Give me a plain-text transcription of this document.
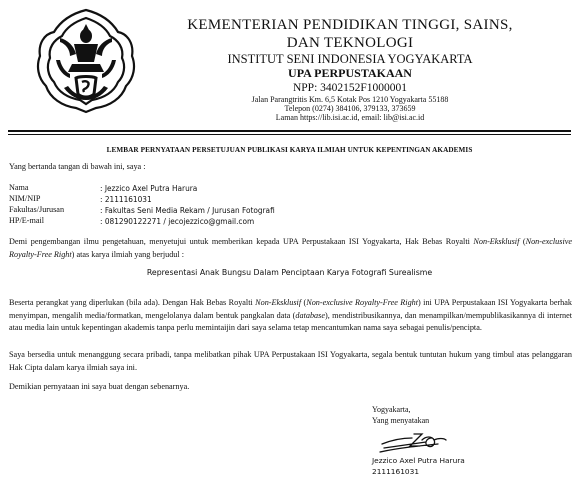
KEMENTERIAN PENDIDIKAN TINGGI, SAINS,
DAN TEKNOLOGI
INSTITUT SENI INDONESIA YOGYAKARTA
UPA PERPUSTAKAAN
NPP: 3402152F1000001
Jalan Parangtritis Km. 6,5 Kotak Pos 1210 Yogyakarta 55188
Telepon (0274) 384106, 379133, 373659
Laman https://lib.isi.ac.id, email: lib@isi.ac.id
LEMBAR PERNYATAAN PERSETUJUAN PUBLIKASI KARYA ILMIAH UNTUK KEPENTINGAN AKADEMIS
Yang bertanda tangan di bawah ini, saya :
Nama	: Jezzico Axel Putra Harura
NIM/NIP	: 2111161031
Fakultas/Jurusan	: Fakultas Seni Media Rekam / Jurusan Fotografi
HP/E-mail	: 081290122271 / jecojezzico@gmail.com
Demi pengembangan ilmu pengetahuan, menyetujui untuk memberikan kepada UPA Perpustakaan ISI Yogyakarta, Hak Bebas Royalti Non-Eksklusif (Non-exclusive Royalty-Free Right) atas karya ilmiah yang berjudul :
Representasi Anak Bungsu Dalam Penciptaan Karya Fotografi Surealisme
Beserta perangkat yang diperlukan (bila ada). Dengan Hak Bebas Royalti Non-Eksklusif (Non-exclusive Royalty-Free Right) ini UPA Perpustakaan ISI Yogyakarta berhak menyimpan, mengalih media/formatkan, mengelolanya dalam bentuk pangkalan data (database), mendistribusikannya, dan menampilkan/mempublikasikannya di internet atau media lain untuk kepentingan akademis tanpa perlu memintaijin dari saya selama tetap mencantumkan nama saya sebagai penulis/pencipta.
Saya bersedia untuk menanggung secara pribadi, tanpa melibatkan pihak UPA Perpustakaan ISI Yogyakarta, segala bentuk tuntutan hukum yang timbul atas pelanggaran Hak Cipta dalam karya ilmiah saya ini.
Demikian pernyataan ini saya buat dengan sebenarnya.
Yogyakarta,
Yang menyatakan
Jezzico Axel Putra Harura
2111161031
